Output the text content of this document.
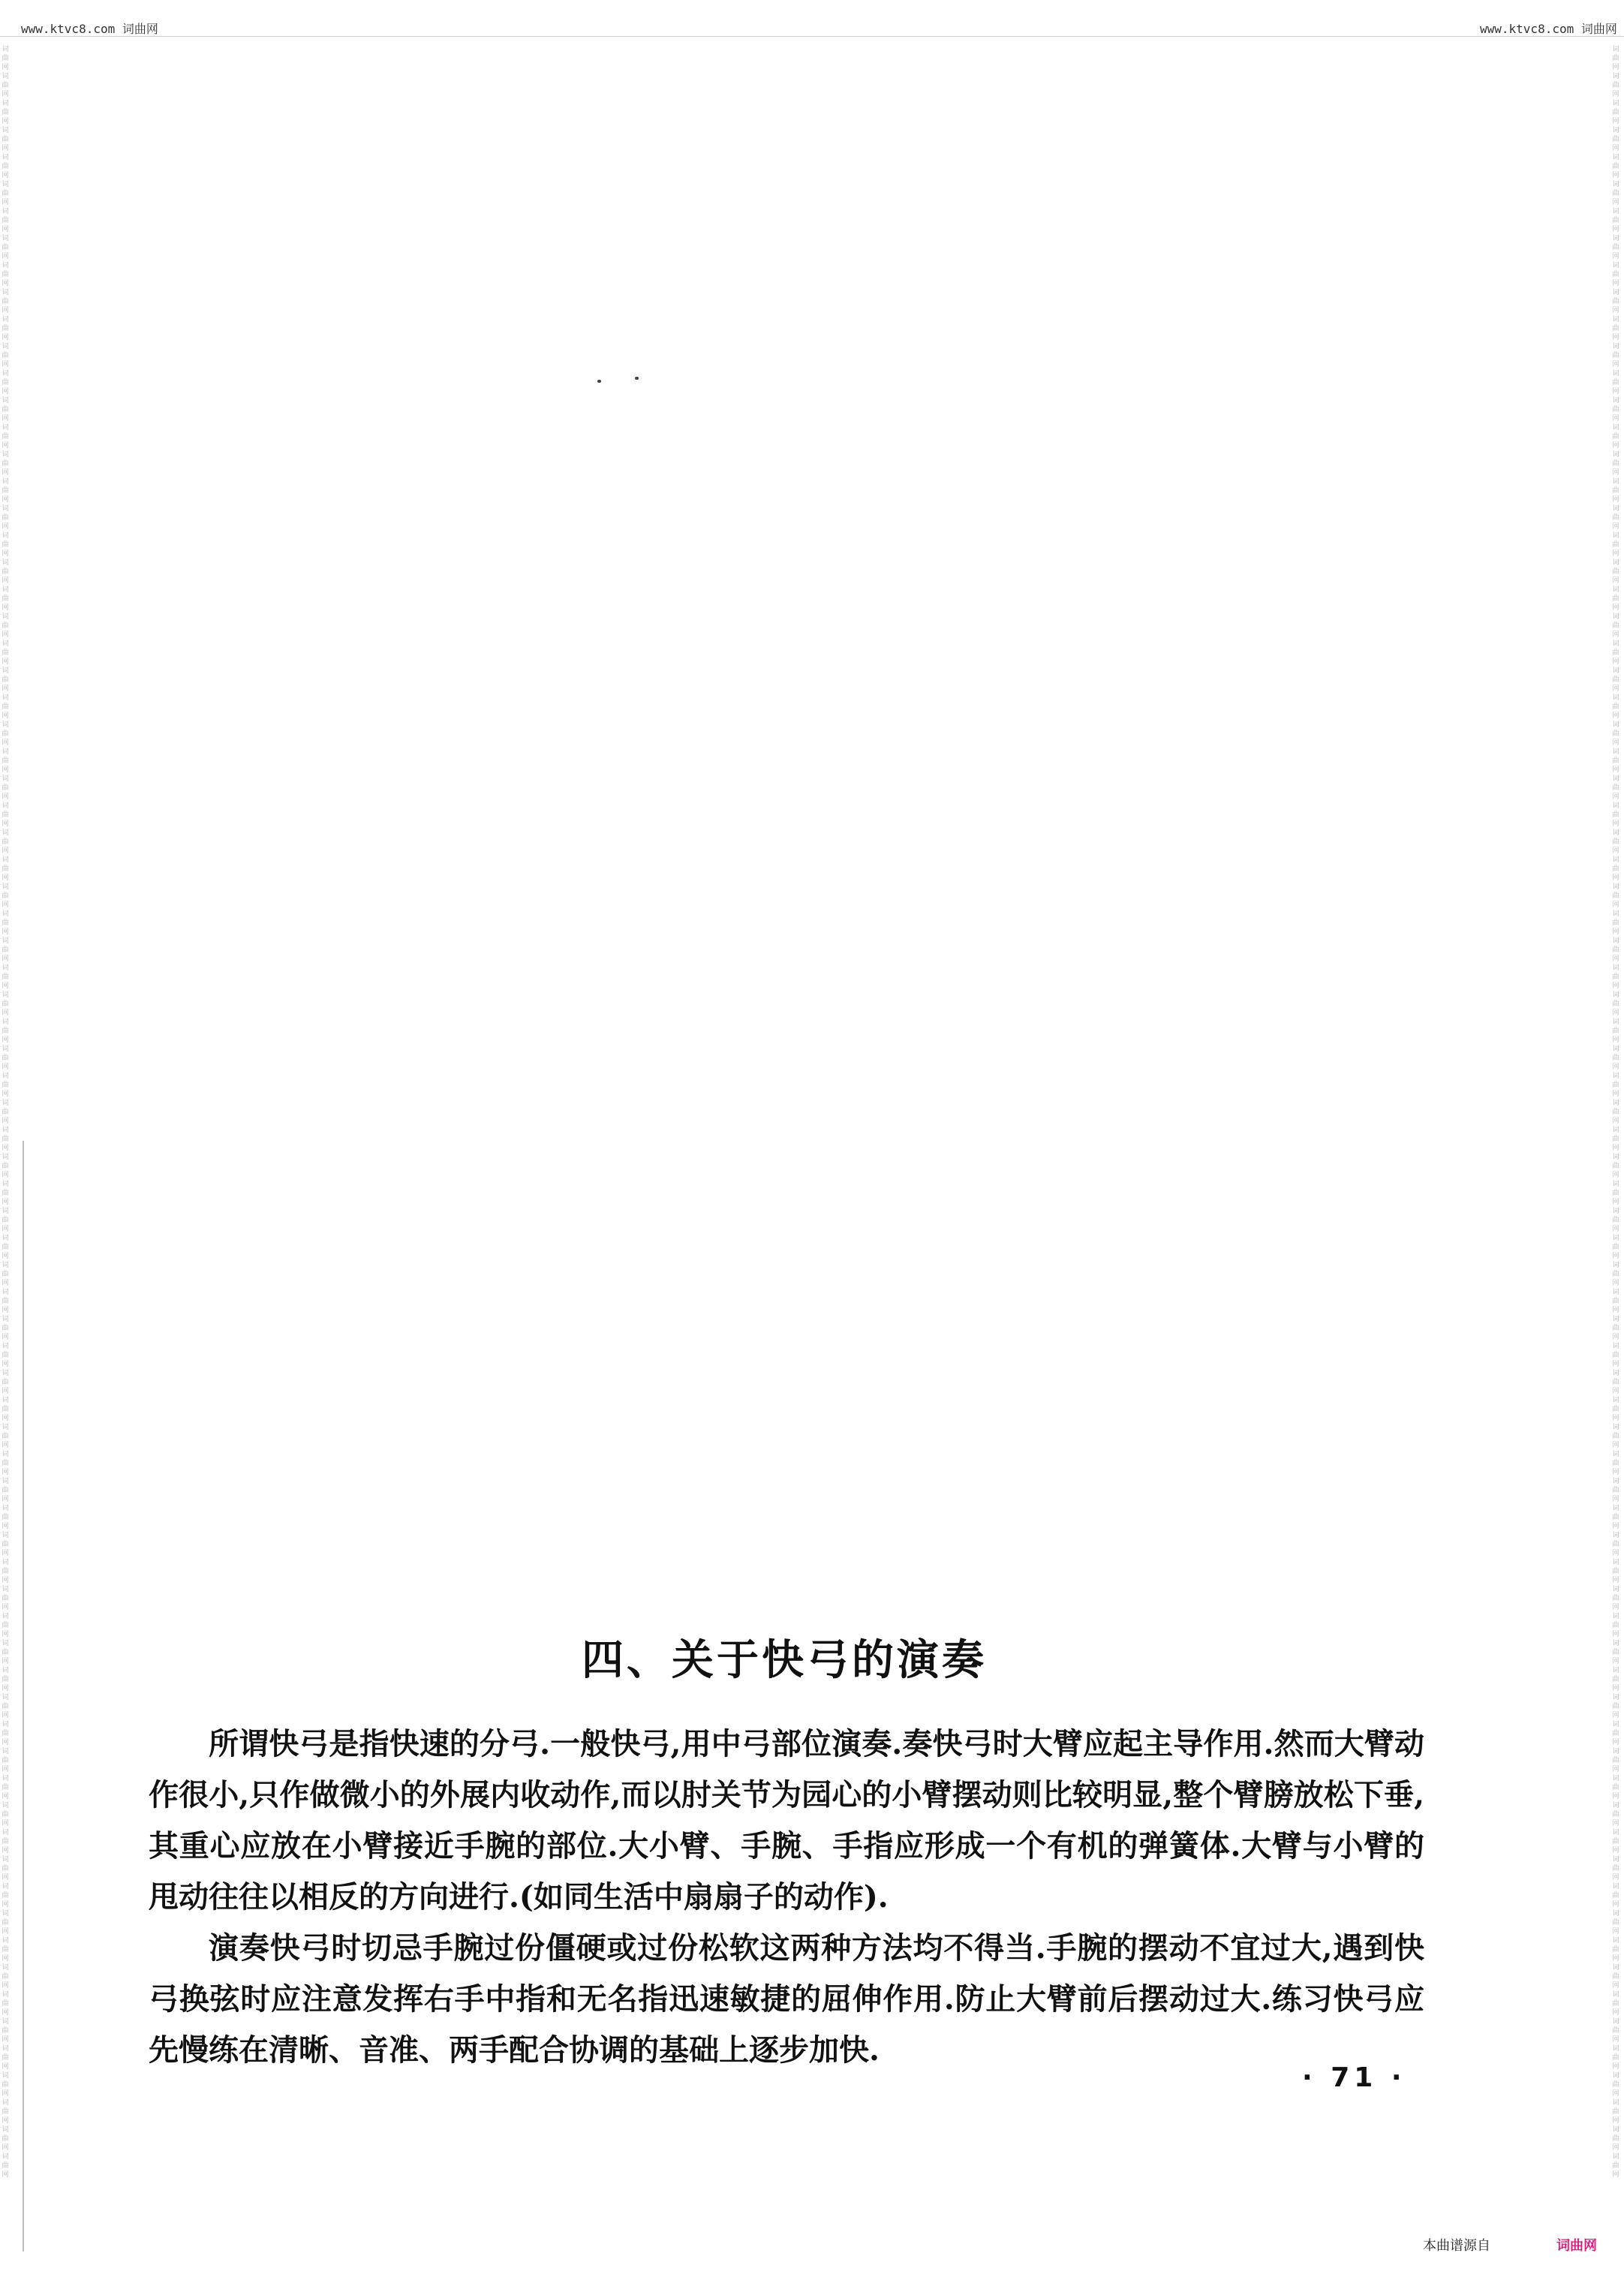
www.ktvc8.com 词曲网	www.ktvc8.com 词曲网
词曲网词曲网词曲网词曲网词曲网词曲网词曲网词曲网词曲网词曲网词曲网词曲网词曲网词曲网词曲网词曲网词曲网词曲网词曲网词曲网词曲网词曲网词曲网词曲网词曲网词曲网词曲网词曲网词曲网词曲网词曲网词曲网词曲网词曲网词曲网词曲网词曲网词曲网词曲网词曲网词曲网词曲网词曲网词曲网词曲网词曲网词曲网词曲网词曲网词曲网词曲网词曲网词曲网词曲网词曲网词曲网词曲网词曲网词曲网词曲网词曲网词曲网词曲网词曲网词曲网词曲网词曲网词曲网词曲网词曲网词曲网词曲网词曲网词曲网词曲网词曲网词曲网词曲网词曲网
词曲网词曲网词曲网词曲网词曲网词曲网词曲网词曲网词曲网词曲网词曲网词曲网词曲网词曲网词曲网词曲网词曲网词曲网词曲网词曲网词曲网词曲网词曲网词曲网词曲网词曲网词曲网词曲网词曲网词曲网词曲网词曲网词曲网词曲网词曲网词曲网词曲网词曲网词曲网词曲网词曲网词曲网词曲网词曲网词曲网词曲网词曲网词曲网词曲网词曲网词曲网词曲网词曲网词曲网词曲网词曲网词曲网词曲网词曲网词曲网词曲网词曲网词曲网词曲网词曲网词曲网词曲网词曲网词曲网词曲网词曲网词曲网词曲网词曲网词曲网词曲网词曲网词曲网词曲网
四、关于快弓的演奏

所谓快弓是指快速的分弓.一般快弓,用中弓部位演奏.奏快弓时大臂应起主导作用.然而大臂动作很小,只作做微小的外展内收动作,而以肘关节为园心的小臂摆动则比较明显,整个臂膀放松下垂,其重心应放在小臂接近手腕的部位.大小臂、手腕、手指应形成一个有机的弹簧体.大臂与小臂的甩动往往以相反的方向进行.(如同生活中扇扇子的动作).

演奏快弓时切忌手腕过份僵硬或过份松软这两种方法均不得当.手腕的摆动不宜过大,遇到快弓换弦时应注意发挥右手中指和无名指迅速敏捷的屈伸作用.防止大臂前后摆动过大.练习快弓应先慢练在清晰、音准、两手配合协调的基础上逐步加快.

· 71 ·
本曲谱源自	词曲网
